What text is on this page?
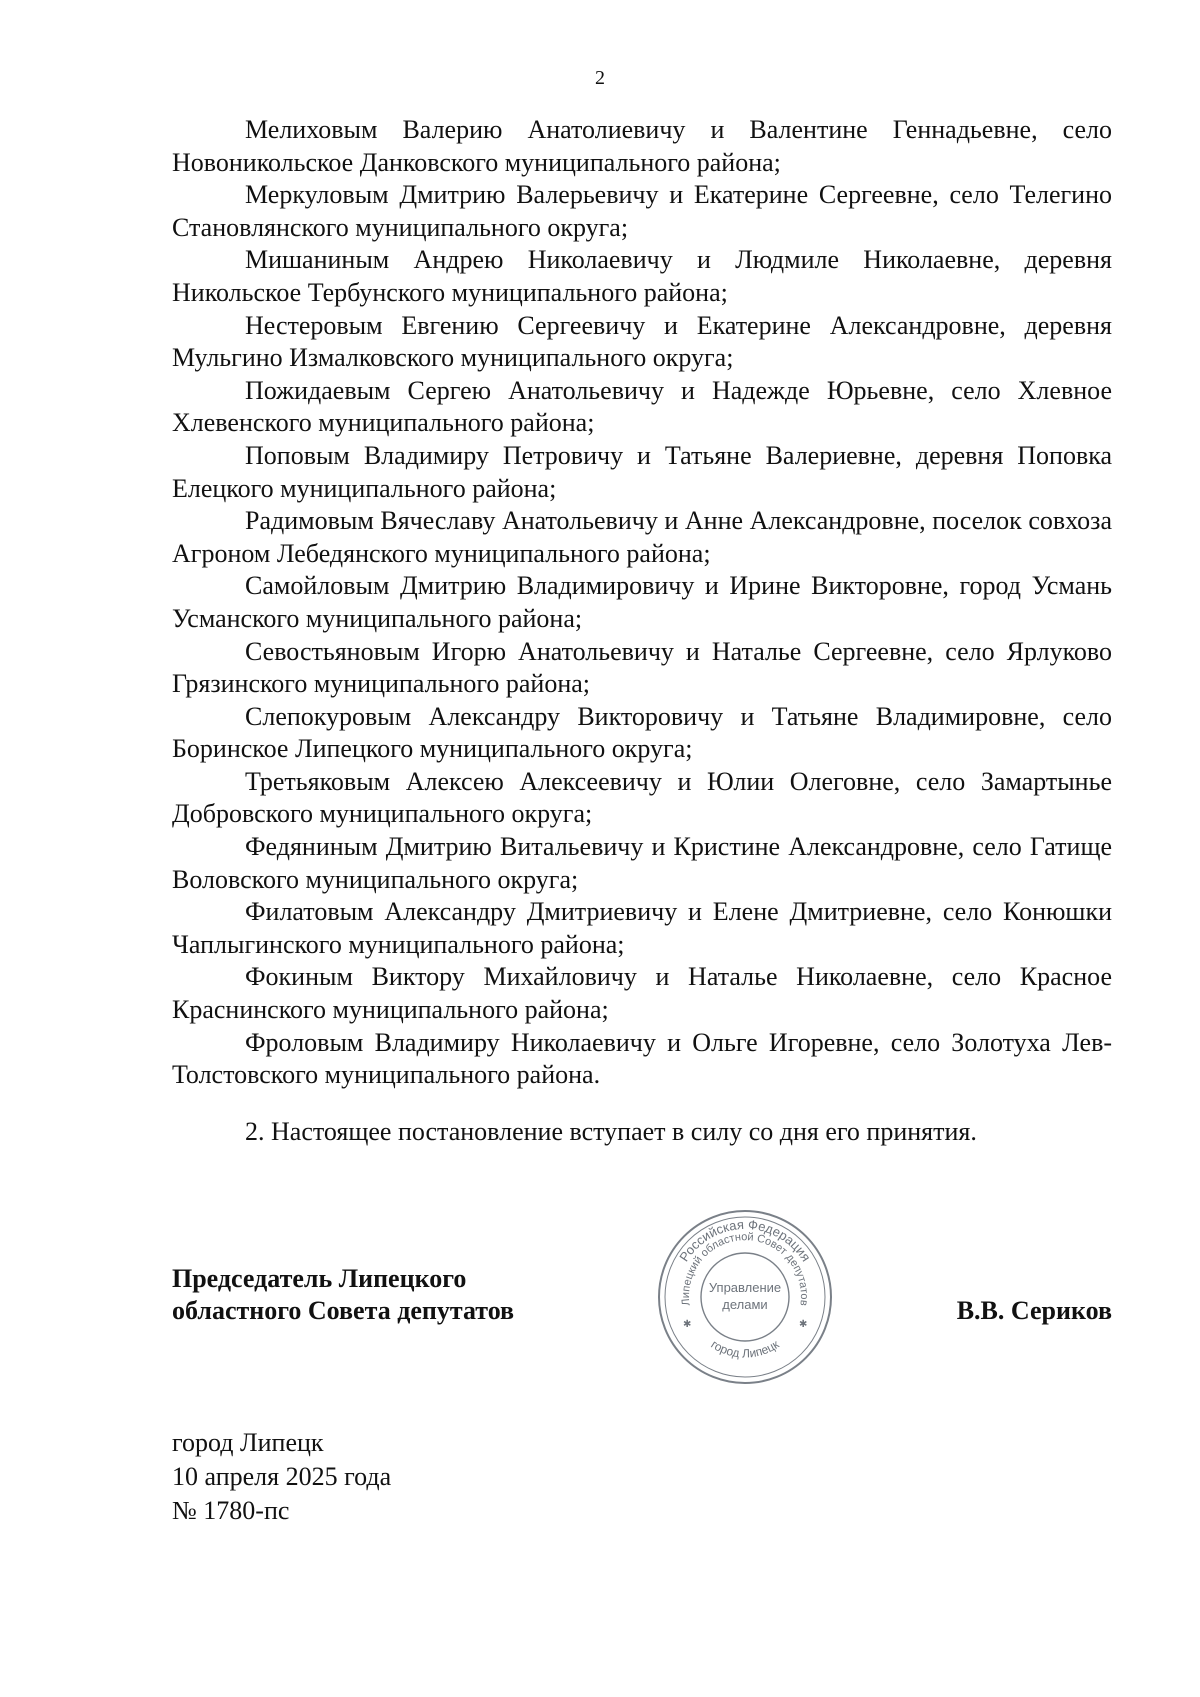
2

Мелиховым Валерию Анатолиевичу и Валентине Геннадьевне, село Новоникольское Данковского муниципального района;

Меркуловым Дмитрию Валерьевичу и Екатерине Сергеевне, село Телегино Становлянского муниципального округа;

Мишаниным Андрею Николаевичу и Людмиле Николаевне, деревня Никольское Тербунского муниципального района;

Нестеровым Евгению Сергеевичу и Екатерине Александровне, деревня Мульгино Измалковского муниципального округа;

Пожидаевым Сергею Анатольевичу и Надежде Юрьевне, село Хлевное Хлевенского муниципального района;

Поповым Владимиру Петровичу и Татьяне Валериевне, деревня Поповка Елецкого муниципального района;

Радимовым Вячеславу Анатольевичу и Анне Александровне, поселок совхоза Агроном Лебедянского муниципального района;

Самойловым Дмитрию Владимировичу и Ирине Викторовне, город Усмань Усманского муниципального района;

Севостьяновым Игорю Анатольевичу и Наталье Сергеевне, село Ярлуково Грязинского муниципального района;

Слепокуровым Александру Викторовичу и Татьяне Владимировне, село Боринское Липецкого муниципального округа;

Третьяковым Алексею Алексеевичу и Юлии Олеговне, село Замартынье Добровского муниципального округа;

Федяниным Дмитрию Витальевичу и Кристине Александровне, село Гатище Воловского муниципального округа;

Филатовым Александру Дмитриевичу и Елене Дмитриевне, село Конюшки Чаплыгинского муниципального района;

Фокиным Виктору Михайловичу и Наталье Николаевне, село Красное Краснинского муниципального района;

Фроловым Владимиру Николаевичу и Ольге Игоревне, село Золотуха Лев-Толстовского муниципального района.

2. Настоящее постановление вступает в силу со дня его принятия.

Председатель Липецкого
областного Совета депутатов	В.В. Сериков
Российская Федерация
Липецкий областной Совет депутатов
город Липецк
Управление
делами
✱	✱
город Липецк
10 апреля 2025 года
№ 1780-пс
